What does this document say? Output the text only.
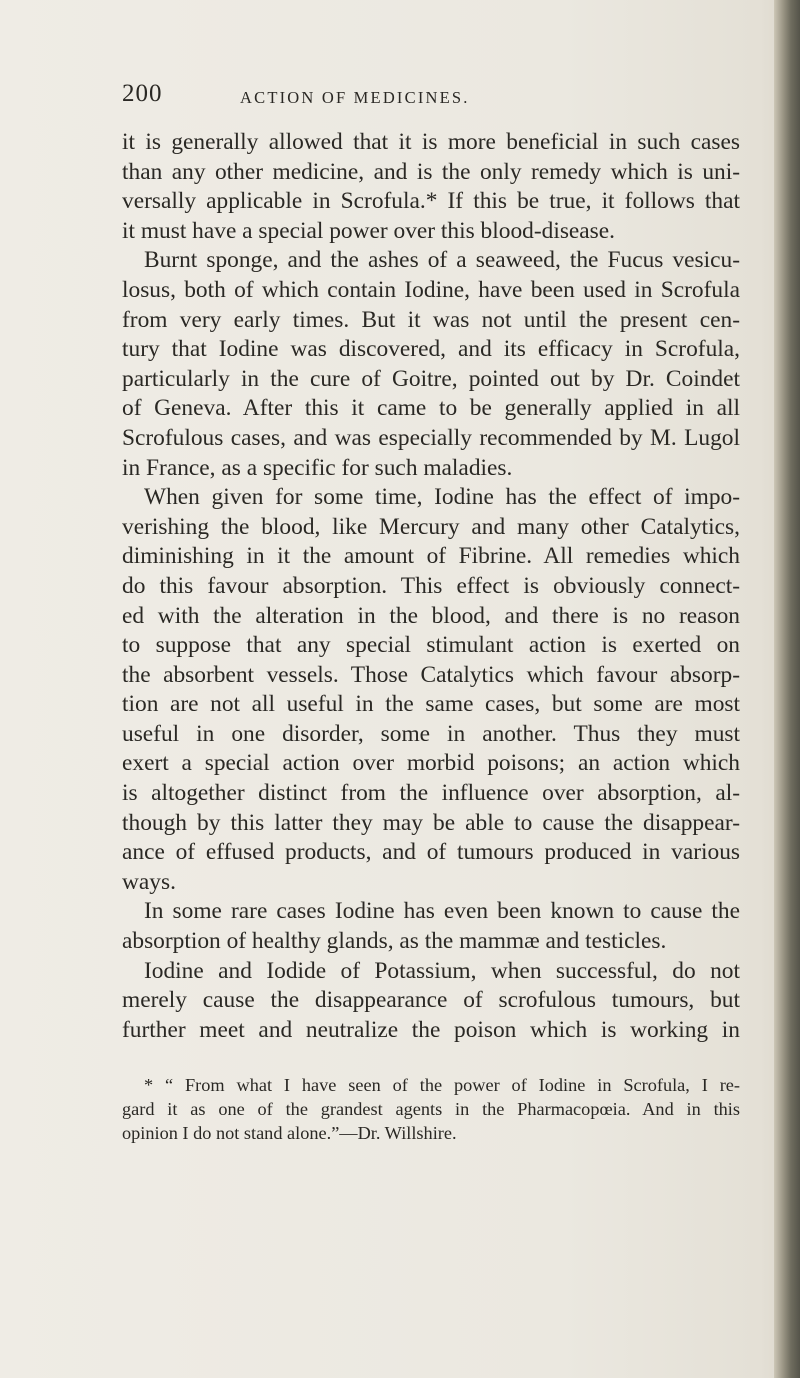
200	ACTION OF MEDICINES.
it is generally allowed that it is more beneficial in such cases
than any other medicine, and is the only remedy which is uni-
versally applicable in Scrofula.* If this be true, it follows that
it must have a special power over this blood-disease.
Burnt sponge, and the ashes of a seaweed, the Fucus vesicu-
losus, both of which contain Iodine, have been used in Scrofula
from very early times. But it was not until the present cen-
tury that Iodine was discovered, and its efficacy in Scrofula,
particularly in the cure of Goitre, pointed out by Dr. Coindet
of Geneva. After this it came to be generally applied in all
Scrofulous cases, and was especially recommended by M. Lugol
in France, as a specific for such maladies.
When given for some time, Iodine has the effect of impo-
verishing the blood, like Mercury and many other Catalytics,
diminishing in it the amount of Fibrine. All remedies which
do this favour absorption. This effect is obviously connect-
ed with the alteration in the blood, and there is no reason
to suppose that any special stimulant action is exerted on
the absorbent vessels. Those Catalytics which favour absorp-
tion are not all useful in the same cases, but some are most
useful in one disorder, some in another. Thus they must
exert a special action over morbid poisons; an action which
is altogether distinct from the influence over absorption, al-
though by this latter they may be able to cause the disappear-
ance of effused products, and of tumours produced in various
ways.
In some rare cases Iodine has even been known to cause the
absorption of healthy glands, as the mammæ and testicles.
Iodine and Iodide of Potassium, when successful, do not
merely cause the disappearance of scrofulous tumours, but
further meet and neutralize the poison which is working in
* “ From what I have seen of the power of Iodine in Scrofula, I re-
gard it as one of the grandest agents in the Pharmacopœia. And in this
opinion I do not stand alone.”—Dr. Willshire.
